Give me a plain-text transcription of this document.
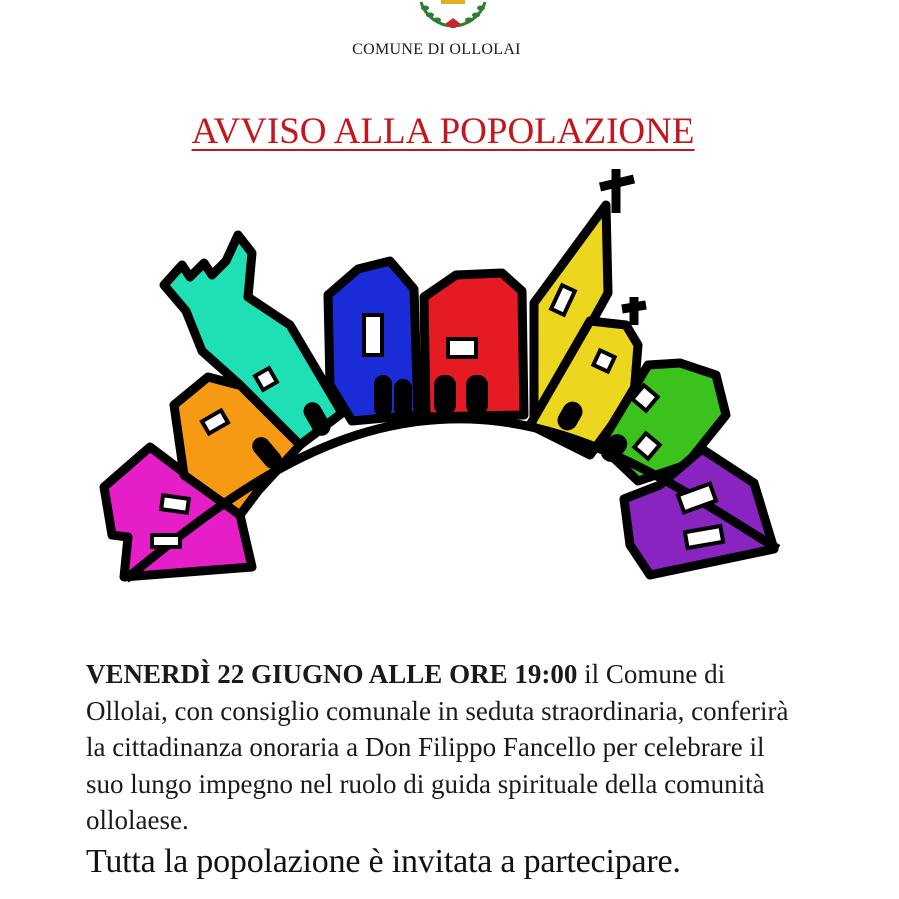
COMUNE DI OLLOLAI
AVVISO ALLA POPOLAZIONE
VENERDÌ 22 GIUGNO ALLE ORE 19:00 il Comune di Ollolai, con consiglio comunale in seduta straordinaria, conferirà la cittadinanza onoraria a Don Filippo Fancello per celebrare il suo lungo impegno nel ruolo di guida spirituale della comunità ollolaese.
Tutta la popolazione è invitata a partecipare.
